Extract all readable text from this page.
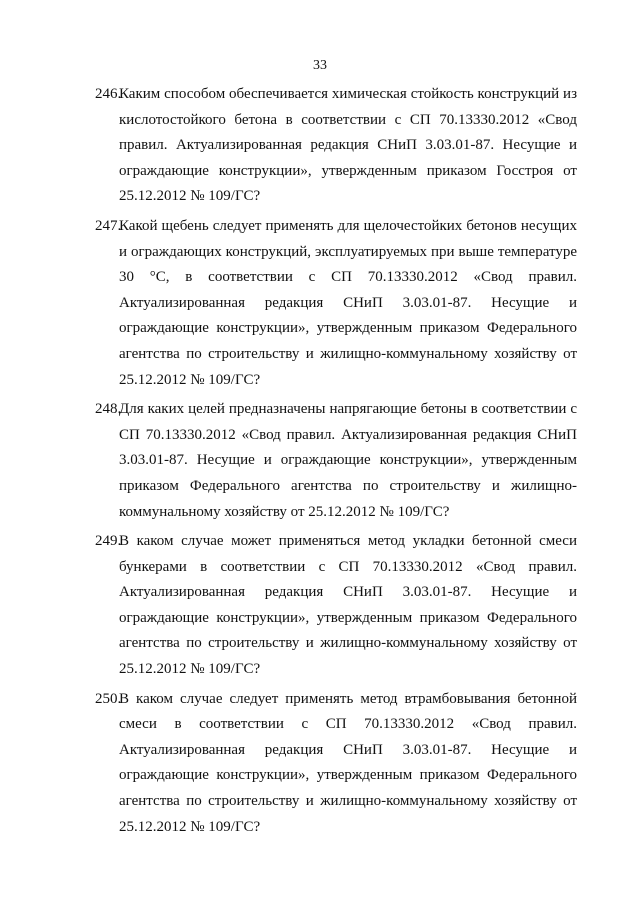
33
246.
Каким способом обеспечивается химическая стойкость конструкций из кислотостойкого бетона в соответствии с СП 70.13330.2012 «Свод правил. Актуализированная редакция СНиП 3.03.01-87. Несущие и ограждающие конструкции», утвержденным приказом Госстроя от 25.12.2012 № 109/ГС?
247.
Какой щебень следует применять для щелочестойких бетонов несущих и ограждающих конструкций, эксплуатируемых при выше температуре 30 °С, в соответствии с СП 70.13330.2012 «Свод правил. Актуализированная редакция СНиП 3.03.01-87. Несущие и ограждающие конструкции», утвержденным приказом Федерального агентства по строительству и жилищно-коммунальному хозяйству от 25.12.2012 № 109/ГС?
248.
Для каких целей предназначены напрягающие бетоны в соответствии с СП 70.13330.2012 «Свод правил. Актуализированная редакция СНиП 3.03.01-87. Несущие и ограждающие конструкции», утвержденным приказом Федерального агентства по строительству и жилищно-коммунальному хозяйству от 25.12.2012 № 109/ГС?
249.
В каком случае может применяться метод укладки бетонной смеси бункерами в соответствии с СП 70.13330.2012 «Свод правил. Актуализированная редакция СНиП 3.03.01-87. Несущие и ограждающие конструкции», утвержденным приказом Федерального агентства по строительству и жилищно-коммунальному хозяйству от 25.12.2012 № 109/ГС?
250.
В каком случае следует применять метод втрамбовывания бетонной смеси в соответствии с СП 70.13330.2012 «Свод правил. Актуализированная редакция СНиП 3.03.01-87. Несущие и ограждающие конструкции», утвержденным приказом Федерального агентства по строительству и жилищно-коммунальному хозяйству от 25.12.2012 № 109/ГС?
